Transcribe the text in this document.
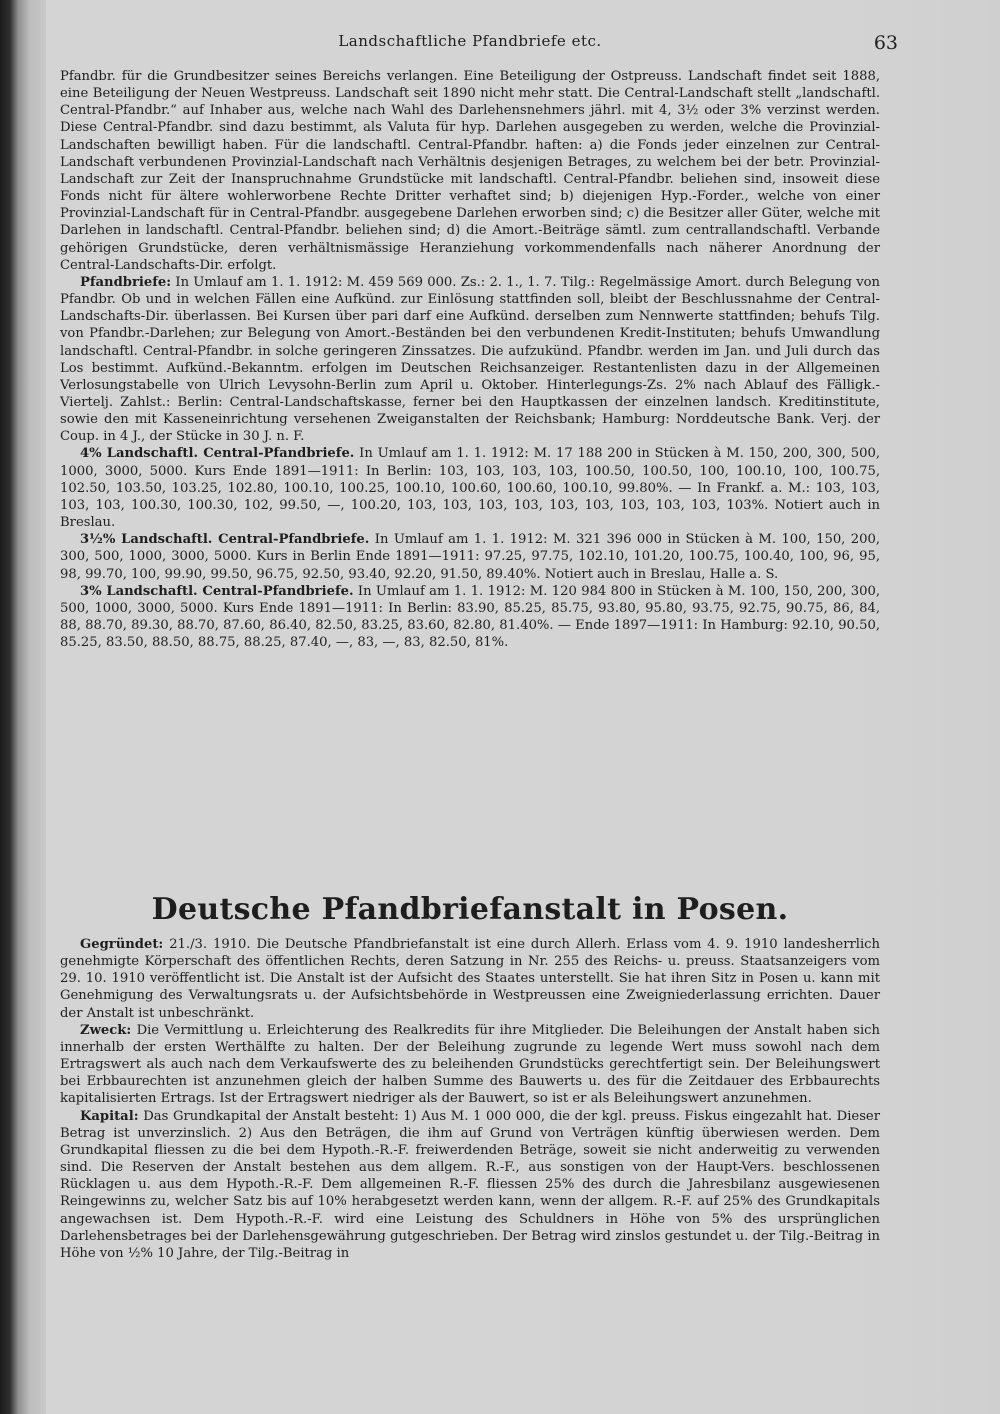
Landschaftliche Pfandbriefe etc.	63

Pfandbr. für die Grundbesitzer seines Bereichs verlangen. Eine Beteiligung der Ostpreuss. Landschaft findet seit 1888, eine Beteiligung der Neuen Westpreuss. Landschaft seit 1890 nicht mehr statt. Die Central-Landschaft stellt „landschaftl. Central-Pfandbr.“ auf Inhaber aus, welche nach Wahl des Darlehensnehmers jährl. mit 4, 3½ oder 3% verzinst werden. Diese Central-Pfandbr. sind dazu bestimmt, als Valuta für hyp. Darlehen ausgegeben zu werden, welche die Provinzial-Landschaften bewilligt haben. Für die landschaftl. Central-Pfandbr. haften: a) die Fonds jeder einzelnen zur Central-Landschaft verbundenen Provinzial-Landschaft nach Verhältnis desjenigen Betrages, zu welchem bei der betr. Provinzial-Landschaft zur Zeit der Inanspruchnahme Grundstücke mit landschaftl. Central-Pfandbr. beliehen sind, insoweit diese Fonds nicht für ältere wohlerworbene Rechte Dritter verhaftet sind; b) diejenigen Hyp.-Forder., welche von einer Provinzial-Landschaft für in Central-Pfandbr. ausgegebene Darlehen erworben sind; c) die Besitzer aller Güter, welche mit Darlehen in landschaftl. Central-Pfandbr. beliehen sind; d) die Amort.-Beiträge sämtl. zum centrallandschaftl. Verbande gehörigen Grundstücke, deren verhältnismässige Heranziehung vorkommendenfalls nach näherer Anordnung der Central-Landschafts-Dir. erfolgt.

Pfandbriefe: In Umlauf am 1. 1. 1912: M. 459 569 000. Zs.: 2. 1., 1. 7. Tilg.: Regelmässige Amort. durch Belegung von Pfandbr. Ob und in welchen Fällen eine Aufkünd. zur Einlösung stattfinden soll, bleibt der Beschlussnahme der Central-Landschafts-Dir. überlassen. Bei Kursen über pari darf eine Aufkünd. derselben zum Nennwerte stattfinden; behufs Tilg. von Pfandbr.-Darlehen; zur Belegung von Amort.-Beständen bei den verbundenen Kredit-Instituten; behufs Umwandlung landschaftl. Central-Pfandbr. in solche geringeren Zinssatzes. Die aufzukünd. Pfandbr. werden im Jan. und Juli durch das Los bestimmt. Aufkünd.-Bekanntm. erfolgen im Deutschen Reichsanzeiger. Restantenlisten dazu in der Allgemeinen Verlosungstabelle von Ulrich Levysohn-Berlin zum April u. Oktober. Hinterlegungs-Zs. 2% nach Ablauf des Fälligk.-Viertelj. Zahlst.: Berlin: Central-Landschaftskasse, ferner bei den Hauptkassen der einzelnen landsch. Kreditinstitute, sowie den mit Kasseneinrichtung versehenen Zweiganstalten der Reichsbank; Hamburg: Norddeutsche Bank. Verj. der Coup. in 4 J., der Stücke in 30 J. n. F.

4% Landschaftl. Central-Pfandbriefe. In Umlauf am 1. 1. 1912: M. 17 188 200 in Stücken à M. 150, 200, 300, 500, 1000, 3000, 5000. Kurs Ende 1891—1911: In Berlin: 103, 103, 103, 103, 100.50, 100.50, 100, 100.10, 100, 100.75, 102.50, 103.50, 103.25, 102.80, 100.10, 100.25, 100.10, 100.60, 100.60, 100.10, 99.80%. — In Frankf. a. M.: 103, 103, 103, 103, 100.30, 100.30, 102, 99.50, —, 100.20, 103, 103, 103, 103, 103, 103, 103, 103, 103, 103%. Notiert auch in Breslau.

3½% Landschaftl. Central-Pfandbriefe. In Umlauf am 1. 1. 1912: M. 321 396 000 in Stücken à M. 100, 150, 200, 300, 500, 1000, 3000, 5000. Kurs in Berlin Ende 1891—1911: 97.25, 97.75, 102.10, 101.20, 100.75, 100.40, 100, 96, 95, 98, 99.70, 100, 99.90, 99.50, 96.75, 92.50, 93.40, 92.20, 91.50, 89.40%. Notiert auch in Breslau, Halle a. S.

3% Landschaftl. Central-Pfandbriefe. In Umlauf am 1. 1. 1912: M. 120 984 800 in Stücken à M. 100, 150, 200, 300, 500, 1000, 3000, 5000. Kurs Ende 1891—1911: In Berlin: 83.90, 85.25, 85.75, 93.80, 95.80, 93.75, 92.75, 90.75, 86, 84, 88, 88.70, 89.30, 88.70, 87.60, 86.40, 82.50, 83.25, 83.60, 82.80, 81.40%. — Ende 1897—1911: In Hamburg: 92.10, 90.50, 85.25, 83.50, 88.50, 88.75, 88.25, 87.40, —, 83, —, 83, 82.50, 81%.

Deutsche Pfandbriefanstalt in Posen.

Gegründet: 21./3. 1910. Die Deutsche Pfandbriefanstalt ist eine durch Allerh. Erlass vom 4. 9. 1910 landesherrlich genehmigte Körperschaft des öffentlichen Rechts, deren Satzung in Nr. 255 des Reichs- u. preuss. Staatsanzeigers vom 29. 10. 1910 veröffentlicht ist. Die Anstalt ist der Aufsicht des Staates unterstellt. Sie hat ihren Sitz in Posen u. kann mit Genehmigung des Verwaltungsrats u. der Aufsichtsbehörde in Westpreussen eine Zweigniederlassung errichten. Dauer der Anstalt ist unbeschränkt.

Zweck: Die Vermittlung u. Erleichterung des Realkredits für ihre Mitglieder. Die Beleihungen der Anstalt haben sich innerhalb der ersten Werthälfte zu halten. Der der Beleihung zugrunde zu legende Wert muss sowohl nach dem Ertragswert als auch nach dem Verkaufswerte des zu beleihenden Grundstücks gerechtfertigt sein. Der Beleihungswert bei Erbbaurechten ist anzunehmen gleich der halben Summe des Bauwerts u. des für die Zeitdauer des Erbbaurechts kapitalisierten Ertrags. Ist der Ertragswert niedriger als der Bauwert, so ist er als Beleihungswert anzunehmen.

Kapital: Das Grundkapital der Anstalt besteht: 1) Aus M. 1 000 000, die der kgl. preuss. Fiskus eingezahlt hat. Dieser Betrag ist unverzinslich. 2) Aus den Beträgen, die ihm auf Grund von Verträgen künftig überwiesen werden. Dem Grundkapital fliessen zu die bei dem Hypoth.-R.-F. freiwerdenden Beträge, soweit sie nicht anderweitig zu verwenden sind. Die Reserven der Anstalt bestehen aus dem allgem. R.-F., aus sonstigen von der Haupt-Vers. beschlossenen Rücklagen u. aus dem Hypoth.-R.-F. Dem allgemeinen R.-F. fliessen 25% des durch die Jahresbilanz ausgewiesenen Reingewinns zu, welcher Satz bis auf 10% herabgesetzt werden kann, wenn der allgem. R.-F. auf 25% des Grundkapitals angewachsen ist. Dem Hypoth.-R.-F. wird eine Leistung des Schuldners in Höhe von 5% des ursprünglichen Darlehensbetrages bei der Darlehensgewährung gutgeschrieben. Der Betrag wird zinslos gestundet u. der Tilg.-Beitrag in Höhe von ½% 10 Jahre, der Tilg.-Beitrag in
